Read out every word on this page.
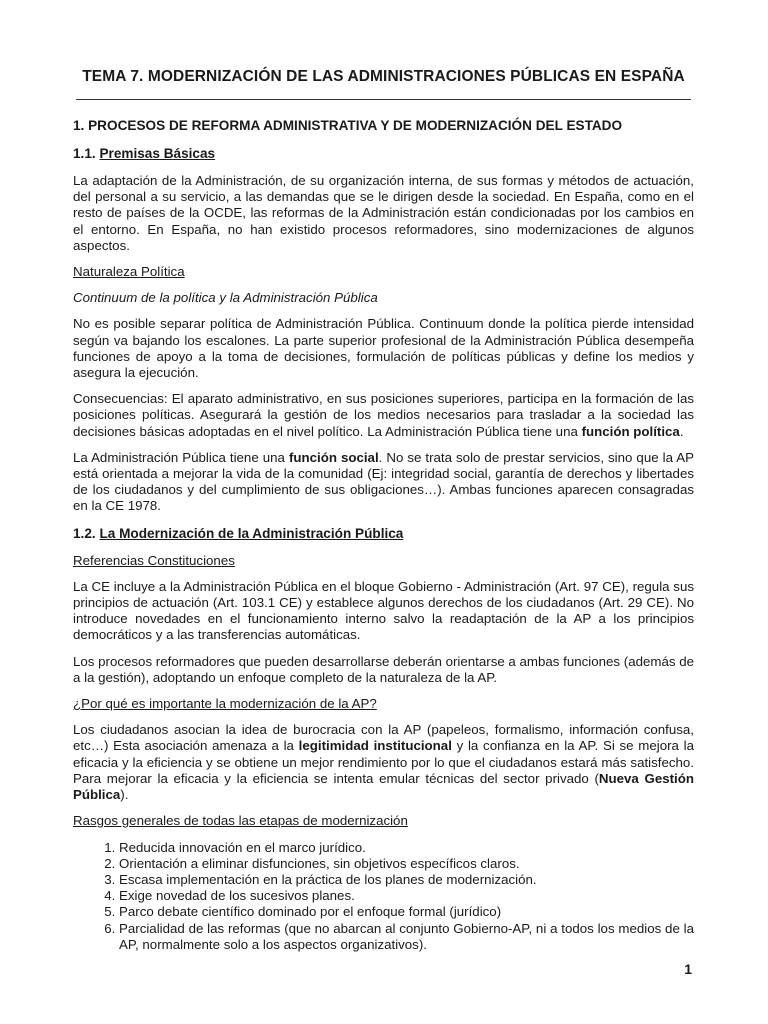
TEMA 7. MODERNIZACIÓN DE LAS ADMINISTRACIONES PÚBLICAS EN ESPAÑA
1. PROCESOS DE REFORMA ADMINISTRATIVA Y DE MODERNIZACIÓN DEL ESTADO
1.1. Premisas Básicas

La adaptación de la Administración, de su organización interna, de sus formas y métodos de actuación, del personal a su servicio, a las demandas que se le dirigen desde la sociedad. En España, como en el resto de países de la OCDE, las reformas de la Administración están condicionadas por los cambios en el entorno. En España, no han existido procesos reformadores, sino modernizaciones de algunos aspectos.

Naturaleza Política

Continuum de la política y la Administración Pública

No es posible separar política de Administración Pública. Continuum donde la política pierde intensidad según va bajando los escalones. La parte superior profesional de la Administración Pública desempeña funciones de apoyo a la toma de decisiones, formulación de políticas públicas y define los medios y asegura la ejecución.

Consecuencias: El aparato administrativo, en sus posiciones superiores, participa en la formación de las posiciones políticas. Asegurará la gestión de los medios necesarios para trasladar a la sociedad las decisiones básicas adoptadas en el nivel político. La Administración Pública tiene una función política.

La Administración Pública tiene una función social. No se trata solo de prestar servicios, sino que la AP está orientada a mejorar la vida de la comunidad (Ej: integridad social, garantía de derechos y libertades de los ciudadanos y del cumplimiento de sus obligaciones…). Ambas funciones aparecen consagradas en la CE 1978.

1.2. La Modernización de la Administración Pública

Referencias Constituciones

La CE incluye a la Administración Pública en el bloque Gobierno - Administración (Art. 97 CE), regula sus principios de actuación (Art. 103.1 CE) y establece algunos derechos de los ciudadanos (Art. 29 CE). No introduce novedades en el funcionamiento interno salvo la readaptación de la AP a los principios democráticos y a las transferencias automáticas.

Los procesos reformadores que pueden desarrollarse deberán orientarse a ambas funciones (además de a la gestión), adoptando un enfoque completo de la naturaleza de la AP.

¿Por qué es importante la modernización de la AP?

Los ciudadanos asocian la idea de burocracia con la AP (papeleos, formalismo, información confusa, etc…) Esta asociación amenaza a la legitimidad institucional y la confianza en la AP. Si se mejora la eficacia y la eficiencia y se obtiene un mejor rendimiento por lo que el ciudadanos estará más satisfecho. Para mejorar la eficacia y la eficiencia se intenta emular técnicas del sector privado (Nueva Gestión Pública).

Rasgos generales de todas las etapas de modernización

1. Reducida innovación en el marco jurídico.
2. Orientación a eliminar disfunciones, sin objetivos específicos claros.
3. Escasa implementación en la práctica de los planes de modernización.
4. Exige novedad de los sucesivos planes.
5. Parco debate científico dominado por el enfoque formal (jurídico)
6. Parcialidad de las reformas (que no abarcan al conjunto Gobierno-AP, ni a todos los medios de la AP, normalmente solo a los aspectos organizativos).
1
